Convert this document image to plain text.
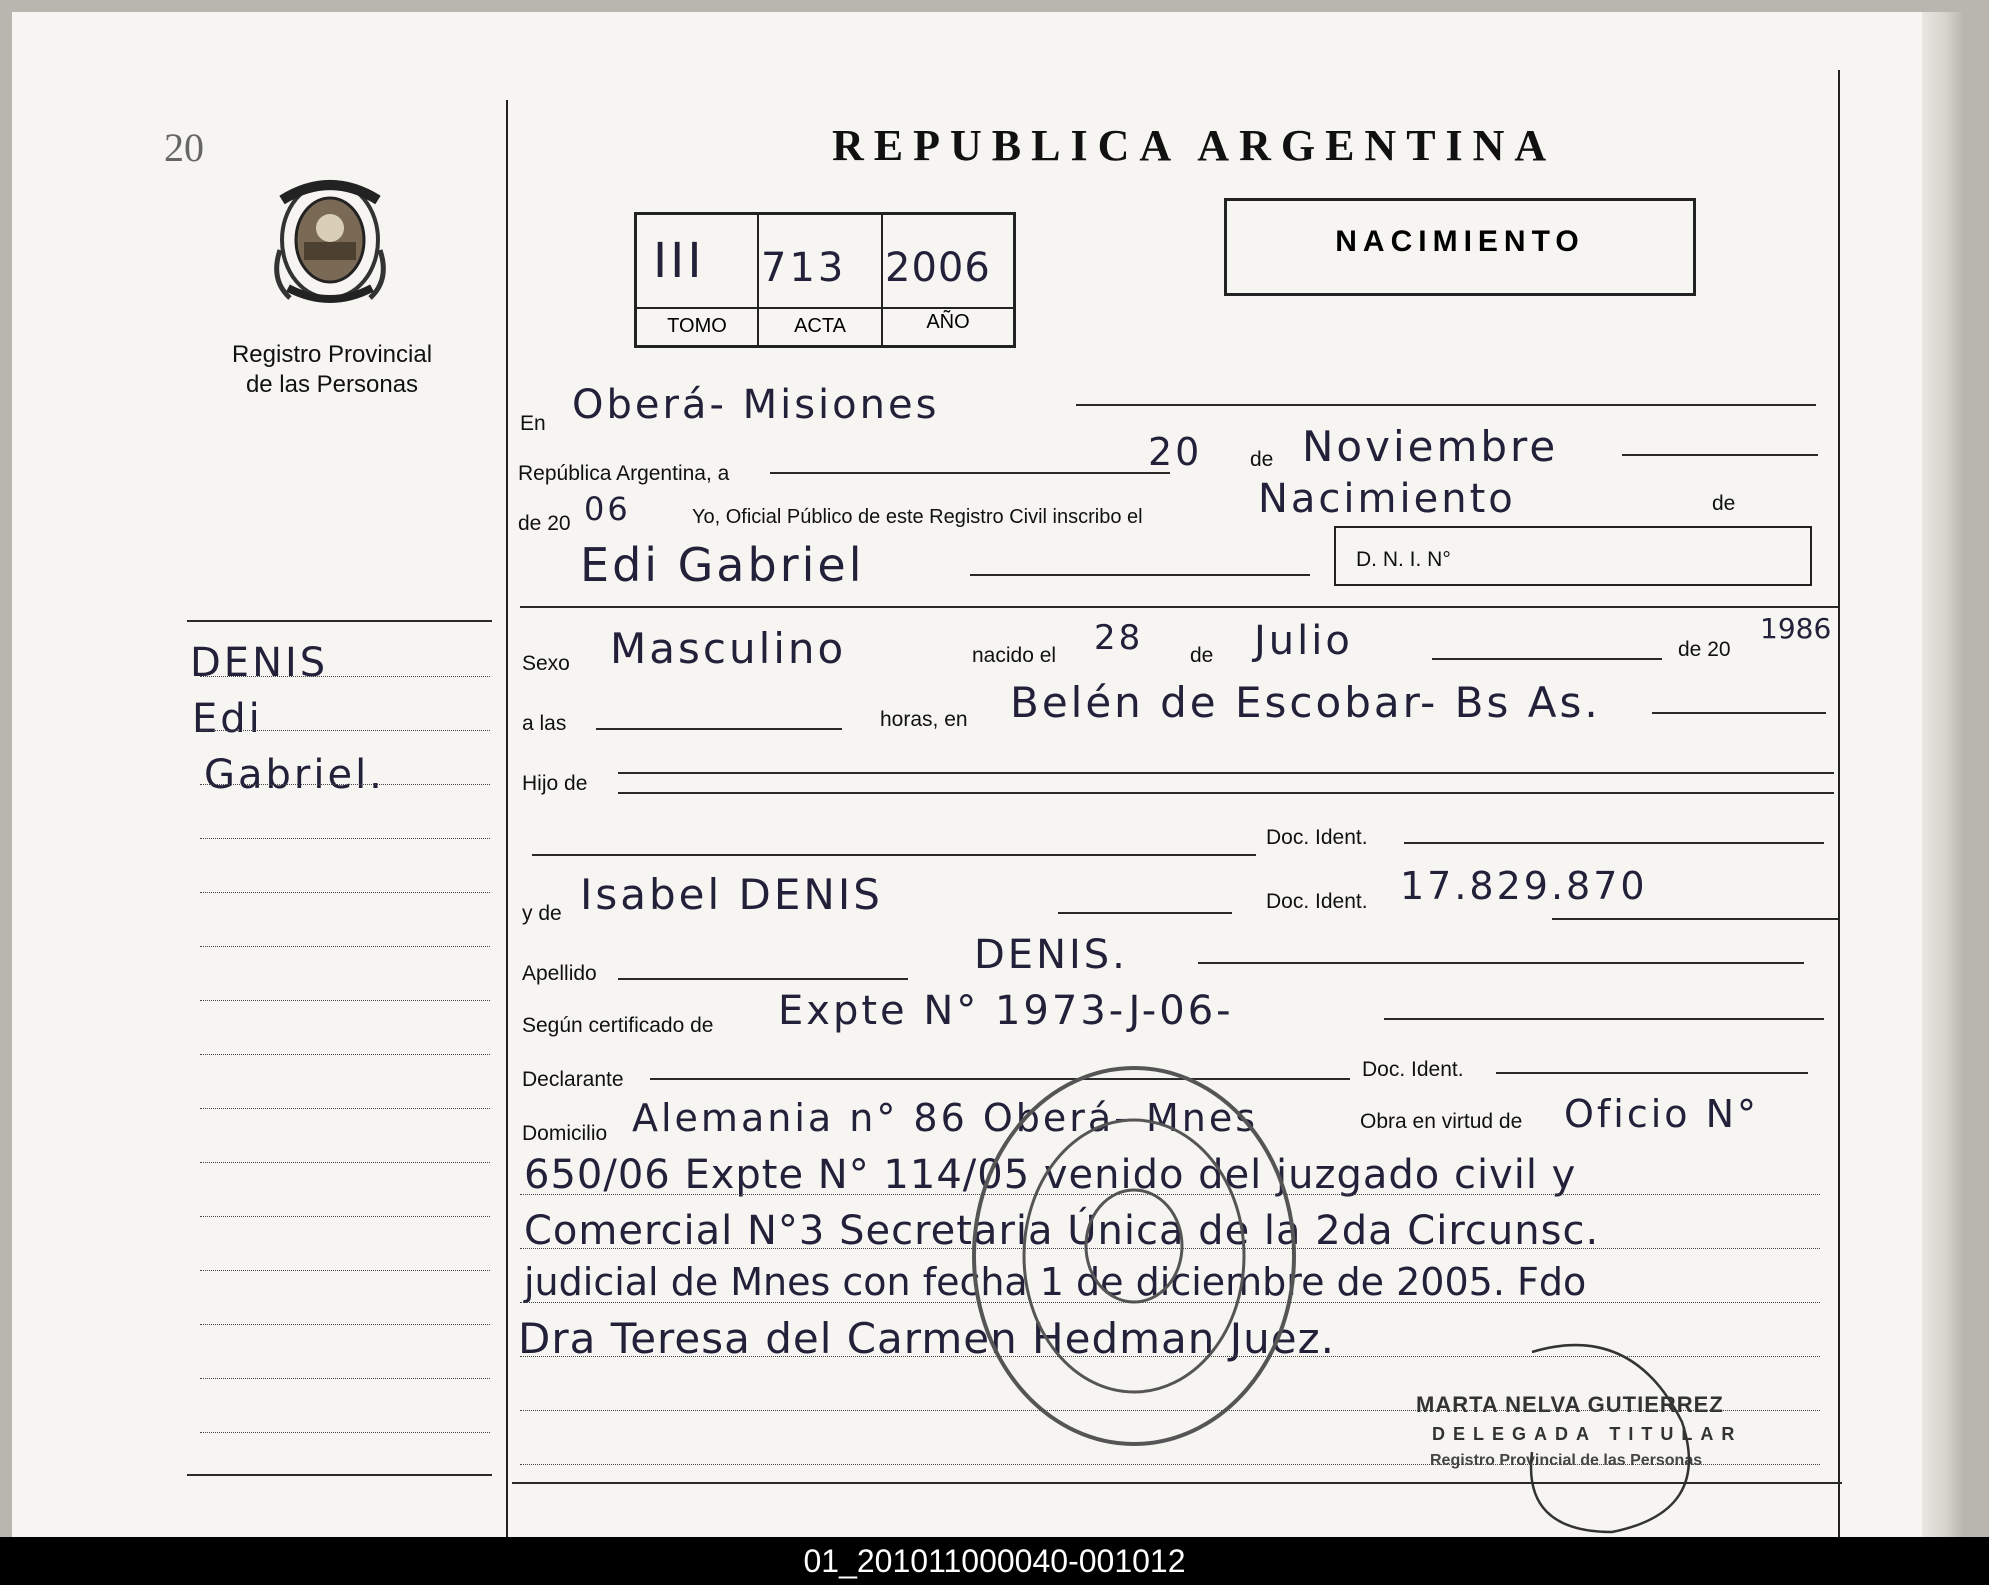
20
Registro Provincial
de las Personas
DENIS
Edi
Gabriel.
REPUBLICA ARGENTINA
III 713 2006
TOMO	ACTA	AÑO
NACIMIENTO
En Oberá- Misiones
República Argentina, a	20 de Noviembre
de 20 06	Yo, Oficial Público de este Registro Civil inscribo el	Nacimiento	de
Edi Gabriel	D. N. I. N°
Sexo Masculino	nacido el 28 de Julio	de 20
1986
a las	horas, en Belén de Escobar- Bs As.
Hijo de
Doc. Ident.
y de Isabel DENIS	Doc. Ident. 17.829.870
Apellido	DENIS.
Según certificado de Expte N° 1973-J-06-
Declarante	Doc. Ident.
Domicilio Alemania n° 86 Oberá- Mnes	Obra en virtud de Oficio N°
650/06 Expte N° 114/05 venido del juzgado civil y
Comercial N°3 Secretaria Única de la 2da Circunsc.
judicial de Mnes con fecha 1 de diciembre de 2005. Fdo
Dra Teresa del Carmen Hedman Juez.
MARTA NELVA GUTIERREZ
DELEGADA TITULAR
Registro Provincial de las Personas
01_201011000040-001012
